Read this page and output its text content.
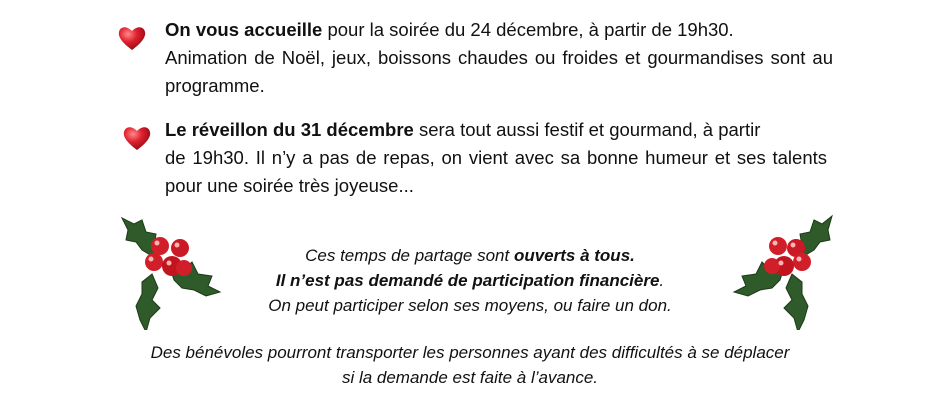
On vous accueille pour la soirée du 24 décembre, à partir de 19h30.
Animation de Noël, jeux, boissons chaudes ou froides et gourmandises sont au programme.
Le réveillon du 31 décembre sera tout aussi festif et gourmand, à partir
de 19h30. Il n’y a pas de repas, on vient avec sa bonne humeur et ses talents pour une soirée très joyeuse...
Ces temps de partage sont ouverts à tous.
Il n’est pas demandé de participation financière.
On peut participer selon ses moyens, ou faire un don.
Des bénévoles pourront transporter les personnes ayant des difficultés à se déplacer
si la demande est faite à l’avance.
